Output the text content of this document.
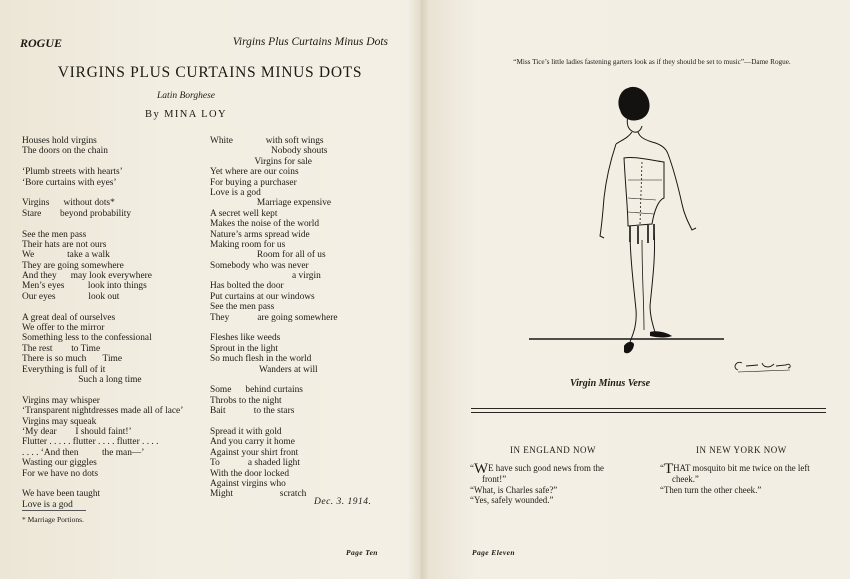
ROGUE	Virgins Plus Curtains Minus Dots
VIRGINS PLUS CURTAINS MINUS DOTS
Latin Borghese
By MINA LOY
Houses hold virgins
The doors on the chain
‘Plumb streets with hearts’
‘Bore curtains with eyes’
Virgins      without dots*
Stare        beyond probability
See the men pass
Their hats are not ours
We              take a walk
They are going somewhere
And they      may look everywhere
Men’s eyes          look into things
Our eyes              look out
A great deal of ourselves
We offer to the mirror
Something less to the confessional
The rest        to Time
There is so much       Time
Everything is full of it
Such a long time
Virgins may whisper
‘Transparent nightdresses made all of lace’
Virgins may squeak
‘My dear        I should faint!’
Flutter . . . . . flutter . . . . flutter . . . .
. . . . ‘And then          the man—’
Wasting our giggles
For we have no dots
We have been taught
Love is a god
White              with soft wings
Nobody shouts
Virgins for sale
Yet where are our coins
For buying a purchaser
Love is a god
Marriage expensive
A secret well kept
Makes the noise of the world
Nature’s arms spread wide
Making room for us
Room for all of us
Somebody who was never
a virgin
Has bolted the door
Put curtains at our windows
See the men pass
They            are going somewhere
Fleshes like weeds
Sprout in the light
So much flesh in the world
Wanders at will
Some      behind curtains
Throbs to the night
Bait            to the stars
Spread it with gold
And you carry it home
Against your shirt front
To            a shaded light
With the door locked
Against virgins who
Might                    scratch
Dec. 3. 1914.
* Marriage Portions.
Page Ten
“Miss Tice’s little ladies fastening garters look as if they should be set to music”—Dame Rogue.
Virgin Minus Verse
IN ENGLAND NOW	IN NEW YORK NOW
“WE have such good news from the
front!”
“What, is Charles safe?”
“Yes, safely wounded.”
“THAT mosquito bit me twice on the left
cheek.”
“Then turn the other cheek.”
Page Eleven
